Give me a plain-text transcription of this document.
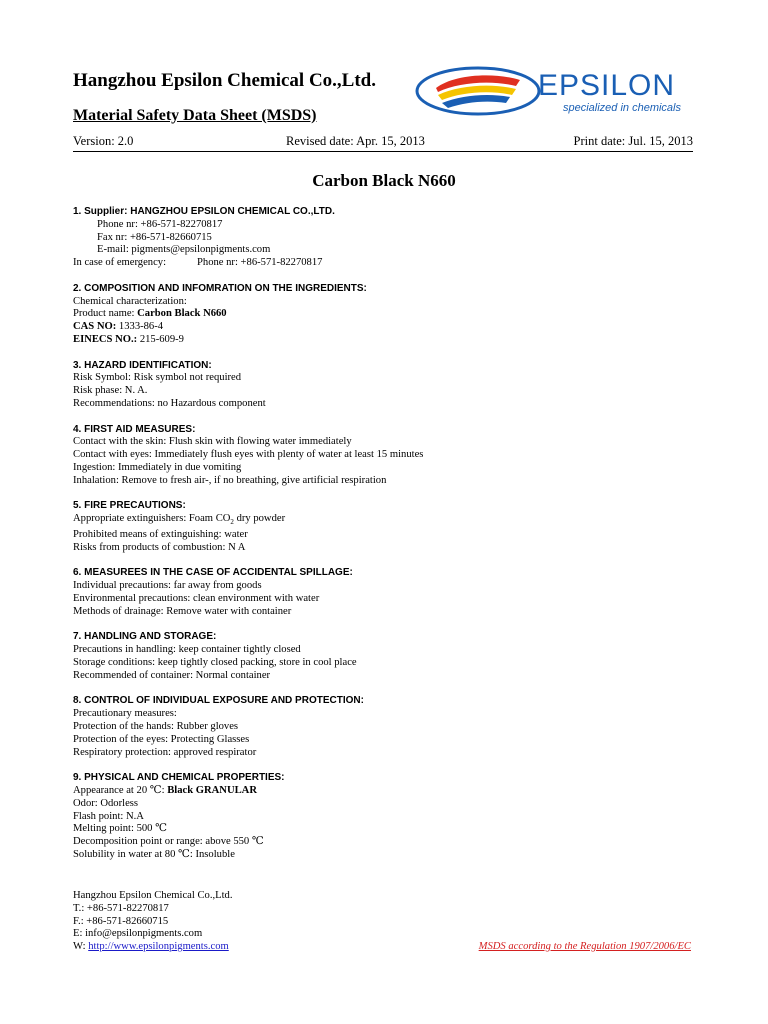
Hangzhou Epsilon Chemical Co.,Ltd.
Material Safety Data Sheet (MSDS)
EPSILON
specialized in chemicals
Version: 2.0	Revised date: Apr. 15, 2013	Print date: Jul. 15, 2013
Carbon Black N660
1. Supplier: HANGZHOU EPSILON CHEMICAL CO.,LTD.
Phone nr: +86-571-82270817
Fax nr: +86-571-82660715
E-mail: pigments@epsilonpigments.com
In case of emergency:	Phone nr: +86-571-82270817
2. COMPOSITION AND INFOMRATION ON THE INGREDIENTS:
Chemical characterization:
Product name: Carbon Black N660
CAS NO: 1333-86-4
EINECS NO.: 215-609-9
3. HAZARD IDENTIFICATION:
Risk Symbol: Risk symbol not required
Risk phase: N. A.
Recommendations: no Hazardous component
4. FIRST AID MEASURES:
Contact with the skin: Flush skin with flowing water immediately
Contact with eyes: Immediately flush eyes with plenty of water at least 15 minutes
Ingestion: Immediately in due vomiting
Inhalation: Remove to fresh air-, if no breathing, give artificial respiration
5. FIRE PRECAUTIONS:
Appropriate extinguishers: Foam $CO_2$ dry powder
Prohibited means of extinguishing: water
Risks from products of combustion: N A
6. MEASUREES IN THE CASE OF ACCIDENTAL SPILLAGE:
Individual precautions: far away from goods
Environmental precautions: clean environment with water
Methods of drainage: Remove water with container
7. HANDLING AND STORAGE:
Precautions in handling: keep container tightly closed
Storage conditions: keep tightly closed packing, store in cool place
Recommended of container: Normal container
8. CONTROL OF INDIVIDUAL EXPOSURE AND PROTECTION:
Precautionary measures:
Protection of the hands: Rubber gloves
Protection of the eyes: Protecting Glasses
Respiratory protection: approved respirator
9. PHYSICAL AND CHEMICAL PROPERTIES:
Appearance at 20 ℃: Black GRANULAR
Odor: Odorless
Flash point: N.A
Melting point: 500 ℃
Decomposition point or range: above 550 ℃
Solubility in water at 80 ℃: Insoluble
Hangzhou Epsilon Chemical Co.,Ltd.
T.: +86-571-82270817
F.: +86-571-82660715
E: info@epsilonpigments.com
W: http://www.epsilonpigments.com	MSDS according to the Regulation 1907/2006/EC
